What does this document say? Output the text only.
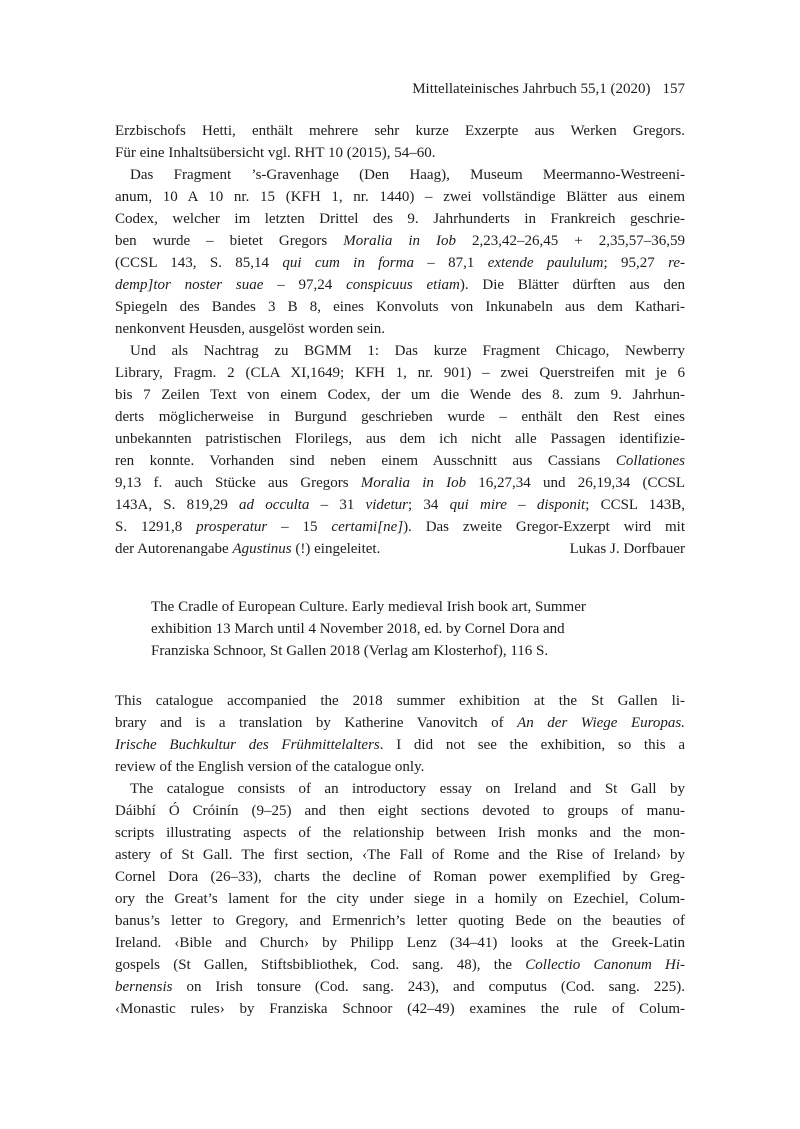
Mittellateinisches Jahrbuch 55,1 (2020) 157
Erzbischofs Hetti, enthält mehrere sehr kurze Exzerpte aus Werken Gregors.
Für eine Inhaltsübersicht vgl. RHT 10 (2015), 54–60.
Das Fragment ’s-Gravenhage (Den Haag), Museum Meermanno-Westreeni-
anum, 10 A 10 nr. 15 (KFH 1, nr. 1440) – zwei vollständige Blätter aus einem
Codex, welcher im letzten Drittel des 9. Jahrhunderts in Frankreich geschrie-
ben wurde – bietet Gregors Moralia in Iob 2,23,42–26,45 + 2,35,57–36,59
(CCSL 143, S. 85,14 qui cum in forma – 87,1 extende paululum; 95,27 re-
demp]tor noster suae – 97,24 conspicuus etiam). Die Blätter dürften aus den
Spiegeln des Bandes 3 B 8, eines Konvoluts von Inkunabeln aus dem Kathari-
nenkonvent Heusden, ausgelöst worden sein.
Und als Nachtrag zu BGMM 1: Das kurze Fragment Chicago, Newberry
Library, Fragm. 2 (CLA XI,1649; KFH 1, nr. 901) – zwei Querstreifen mit je 6
bis 7 Zeilen Text von einem Codex, der um die Wende des 8. zum 9. Jahrhun-
derts möglicherweise in Burgund geschrieben wurde – enthält den Rest eines
unbekannten patristischen Florilegs, aus dem ich nicht alle Passagen identifizie-
ren konnte. Vorhanden sind neben einem Ausschnitt aus Cassians Collationes
9,13 f. auch Stücke aus Gregors Moralia in Iob 16,27,34 und 26,19,34 (CCSL
143A, S. 819,29 ad occulta – 31 videtur; 34 qui mire – disponit; CCSL 143B,
S. 1291,8 prosperatur – 15 certami[ne]). Das zweite Gregor-Exzerpt wird mit
der Autorenangabe Agustinus (!) eingeleitet.	Lukas J. Dorfbauer
The Cradle of European Culture. Early medieval Irish book art, Summer
exhibition 13 March until 4 November 2018, ed. by Cornel Dora and
Franziska Schnoor, St Gallen 2018 (Verlag am Klosterhof), 116 S.
This catalogue accompanied the 2018 summer exhibition at the St Gallen li-
brary and is a translation by Katherine Vanovitch of An der Wiege Europas.
Irische Buchkultur des Frühmittelalters. I did not see the exhibition, so this a
review of the English version of the catalogue only.
The catalogue consists of an introductory essay on Ireland and St Gall by
Dáibhí Ó Cróinín (9–25) and then eight sections devoted to groups of manu-
scripts illustrating aspects of the relationship between Irish monks and the mon-
astery of St Gall. The first section, ‹The Fall of Rome and the Rise of Ireland› by
Cornel Dora (26–33), charts the decline of Roman power exemplified by Greg-
ory the Great’s lament for the city under siege in a homily on Ezechiel, Colum-
banus’s letter to Gregory, and Ermenrich’s letter quoting Bede on the beauties of
Ireland. ‹Bible and Church› by Philipp Lenz (34–41) looks at the Greek-Latin
gospels (St Gallen, Stiftsbibliothek, Cod. sang. 48), the Collectio Canonum Hi-
bernensis on Irish tonsure (Cod. sang. 243), and computus (Cod. sang. 225).
‹Monastic rules› by Franziska Schnoor (42–49) examines the rule of Colum-
